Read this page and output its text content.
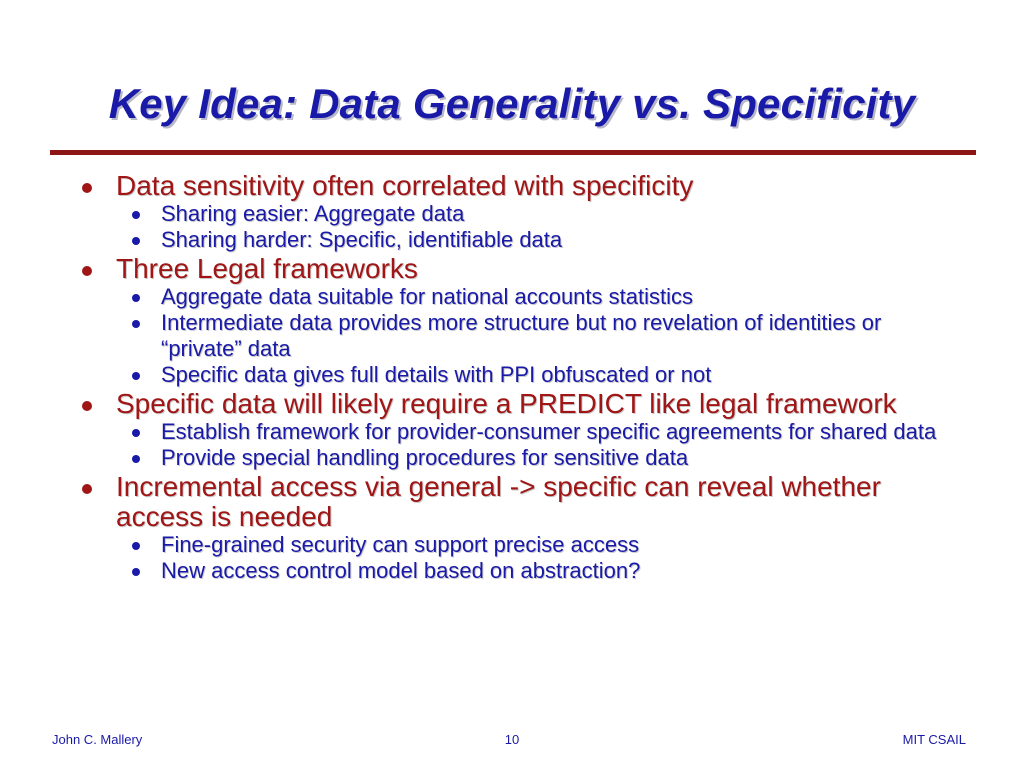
Key Idea: Data Generality vs. Specificity
Data sensitivity often correlated with specificity
Sharing easier: Aggregate data
Sharing harder: Specific, identifiable data
Three Legal frameworks
Aggregate data suitable for national accounts statistics
Intermediate data provides more structure but no revelation of identities or “private” data
Specific data gives full details with PPI obfuscated or not
Specific data will likely require a PREDICT like legal framework
Establish framework for provider-consumer specific agreements for shared data
Provide special handling procedures for sensitive data
Incremental access via general -> specific can reveal whether access is needed
Fine-grained security can support precise access
New access control model based on abstraction?
John C. Mallery	10	MIT CSAIL
